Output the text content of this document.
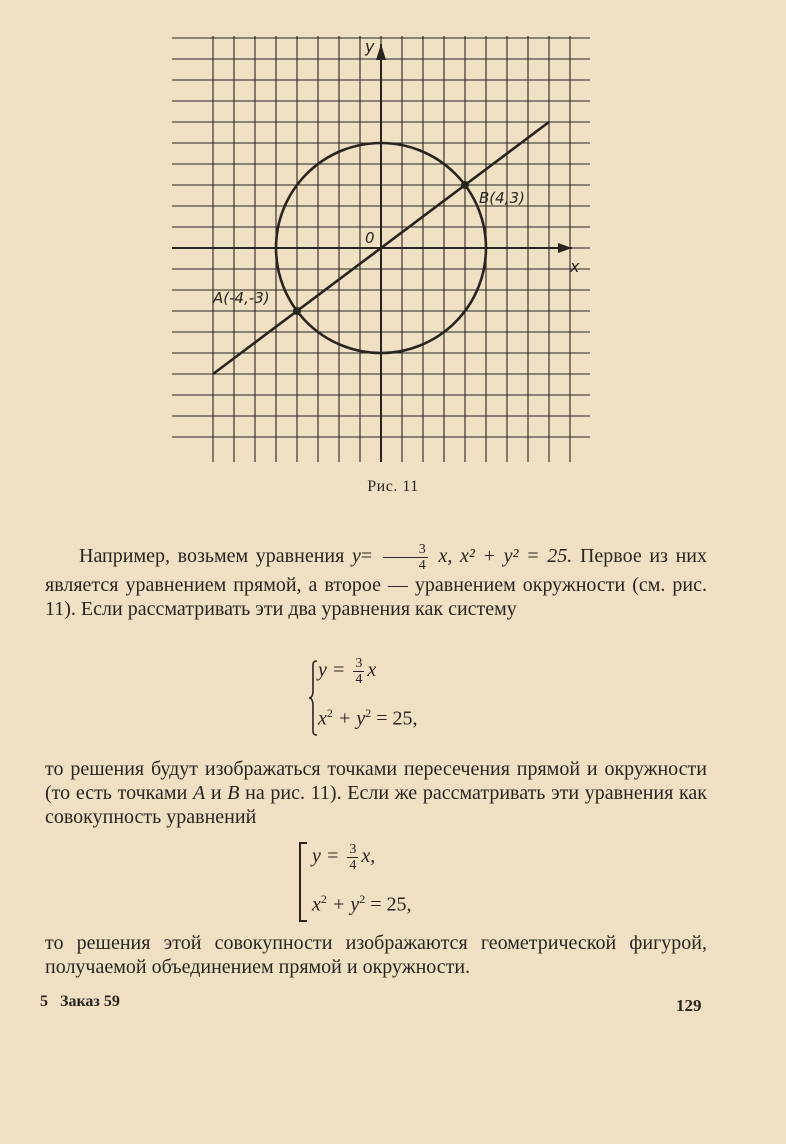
A(-4,-3)
B(4,3)
0
x
y
Рис. 11
Например, возьмем уравнения $y= \frac{3}{4} x$, x² + y² = 25. Первое из них является уравнением прямой, а второе — уравнением окружности (см. рис. 11). Если рассматривать эти два уравнения как систему
$y = \frac{3}{4}$ x
$x^2 + y^2 = 25$,
то решения будут изображаться точками пересечения прямой и окружности (то есть точками A и B на рис. 11). Если же рассматривать эти уравнения как совокупность уравнений
$y = \frac{3}{4} x$,
$x^2 + y^2 = 25$,
то решения этой совокупности изображаются геометрической фигурой, получаемой объединением прямой и окружности.
5   Заказ 59	129
